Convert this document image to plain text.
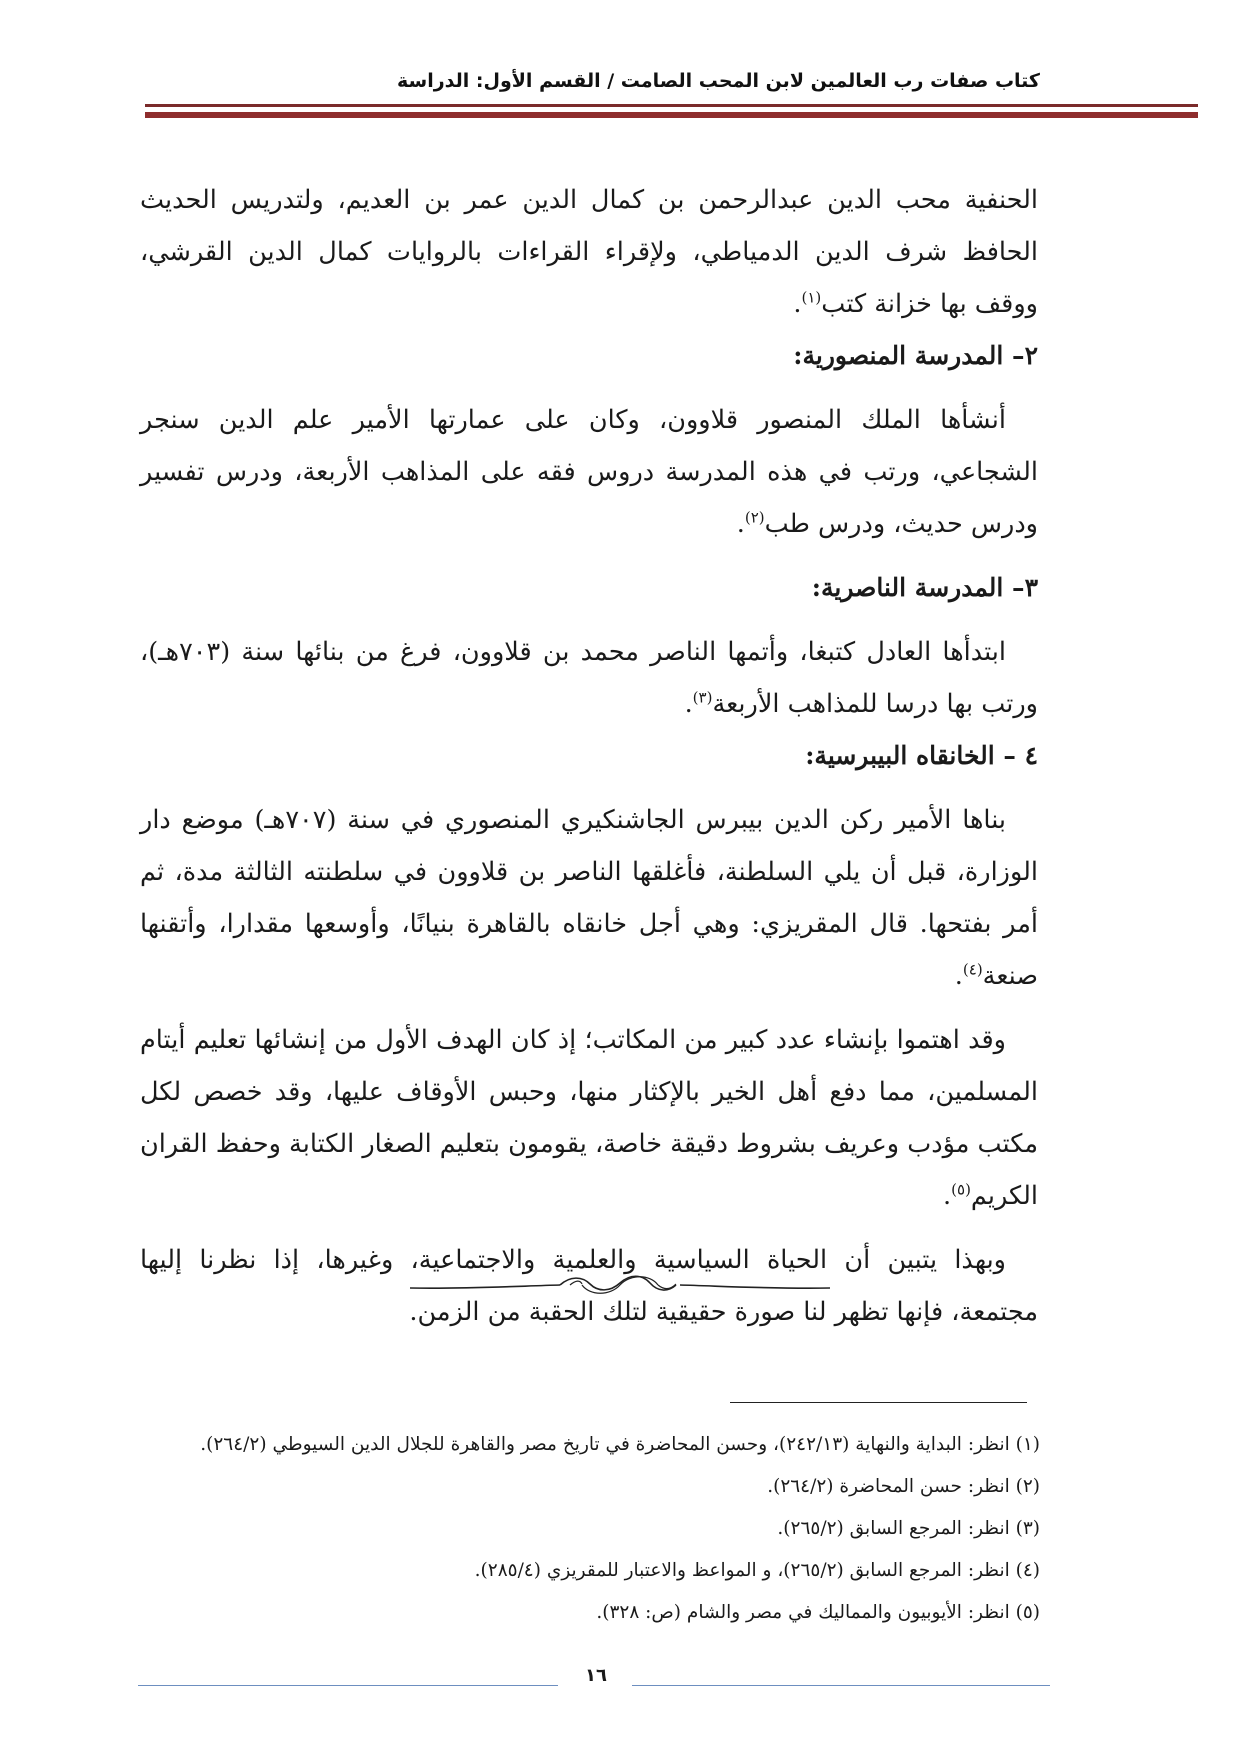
كتاب صفات رب العالمين لابن المحب الصامت / القسم الأول: الدراسة

الحنفية محب الدين عبدالرحمن بن كمال الدين عمر بن العديم، ولتدريس الحديث الحافظ شرف الدين الدمياطي، ولإقراء القراءات بالروايات كمال الدين القرشي، ووقف بها خزانة كتب$^{(١)}$.

٢– المدرسة المنصورية:

أنشأها الملك المنصور قلاوون، وكان على عمارتها الأمير علم الدين سنجر الشجاعي، ورتب في هذه المدرسة دروس فقه على المذاهب الأربعة، ودرس تفسير ودرس حديث، ودرس طب$^{(٢)}$.

٣– المدرسة الناصرية:

ابتدأها العادل كتبغا، وأتمها الناصر محمد بن قلاوون، فرغ من بنائها سنة (٧٠٣هـ)، ورتب بها درسا للمذاهب الأربعة$^{(٣)}$.

٤ – الخانقاه البيبرسية:

بناها الأمير ركن الدين بيبرس الجاشنكيري المنصوري في سنة (٧٠٧هـ) موضع دار الوزارة، قبل أن يلي السلطنة، فأغلقها الناصر بن قلاوون في سلطنته الثالثة مدة، ثم أمر بفتحها. قال المقريزي: وهي أجل خانقاه بالقاهرة بنيانًا، وأوسعها مقدارا، وأتقنها صنعة$^{(٤)}$.

وقد اهتموا بإنشاء عدد كبير من المكاتب؛ إذ كان الهدف الأول من إنشائها تعليم أيتام المسلمين، مما دفع أهل الخير بالإكثار منها، وحبس الأوقاف عليها، وقد خصص لكل مكتب مؤدب وعريف بشروط دقيقة خاصة، يقومون بتعليم الصغار الكتابة وحفظ القران الكريم$^{(٥)}$.

وبهذا يتبين أن الحياة السياسية والعلمية والاجتماعية، وغيرها، إذا نظرنا إليها مجتمعة، فإنها تظهر لنا صورة حقيقية لتلك الحقبة من الزمن.

(١) انظر: البداية والنهاية (٢٤٢/١٣)، وحسن المحاضرة في تاريخ مصر والقاهرة للجلال الدين السيوطي (٢٦٤/٢).

(٢) انظر: حسن المحاضرة (٢٦٤/٢).

(٣) انظر: المرجع السابق (٢٦٥/٢).

(٤) انظر: المرجع السابق (٢٦٥/٢)، و المواعظ والاعتبار للمقريزي (٢٨٥/٤).

(٥) انظر: الأيوبيون والمماليك في مصر والشام (ص: ٣٢٨).

١٦
